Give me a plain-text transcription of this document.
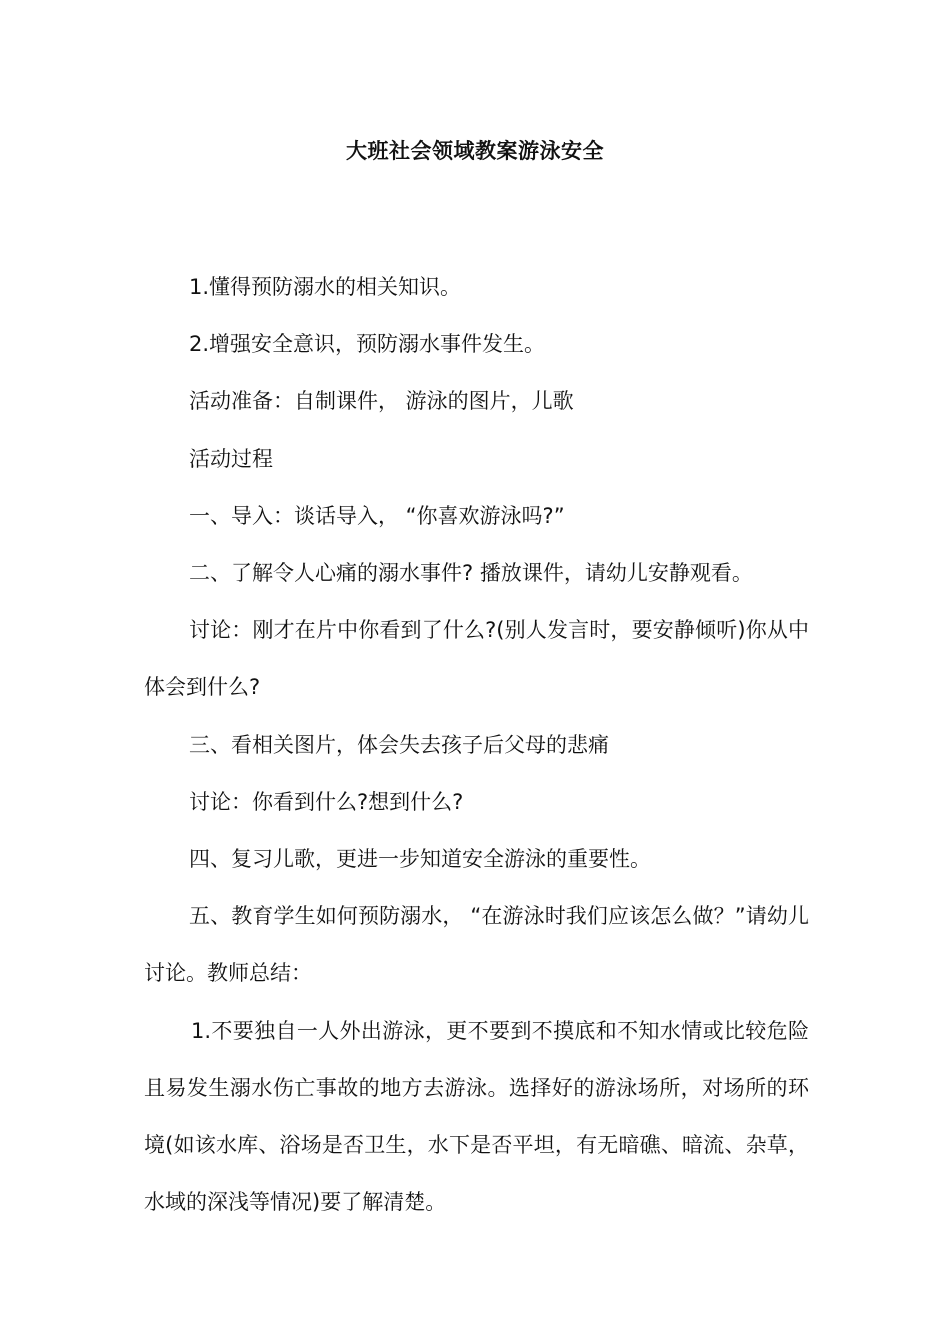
大班社会领域教案游泳安全

1.懂得预防溺水的相关知识。

2.增强安全意识，预防溺水事件发生。

活动准备：自制课件， 游泳的图片，儿歌

活动过程

一、导入：谈话导入， “你喜欢游泳吗?”

二、了解令人心痛的溺水事件? 播放课件，请幼儿安静观看。

讨论：刚才在片中你看到了什么?(别人发言时，要安静倾听)你从中体会到什么?

三、看相关图片，体会失去孩子后父母的悲痛

讨论：你看到什么?想到什么?

四、复习儿歌，更进一步知道安全游泳的重要性。

五、教育学生如何预防溺水， “在游泳时我们应该怎么做？”请幼儿讨论。教师总结：

1.不要独自一人外出游泳，更不要到不摸底和不知水情或比较危险且易发生溺水伤亡事故的地方去游泳。选择好的游泳场所，对场所的环境(如该水库、浴场是否卫生，水下是否平坦，有无暗礁、暗流、杂草，水域的深浅等情况)要了解清楚。
